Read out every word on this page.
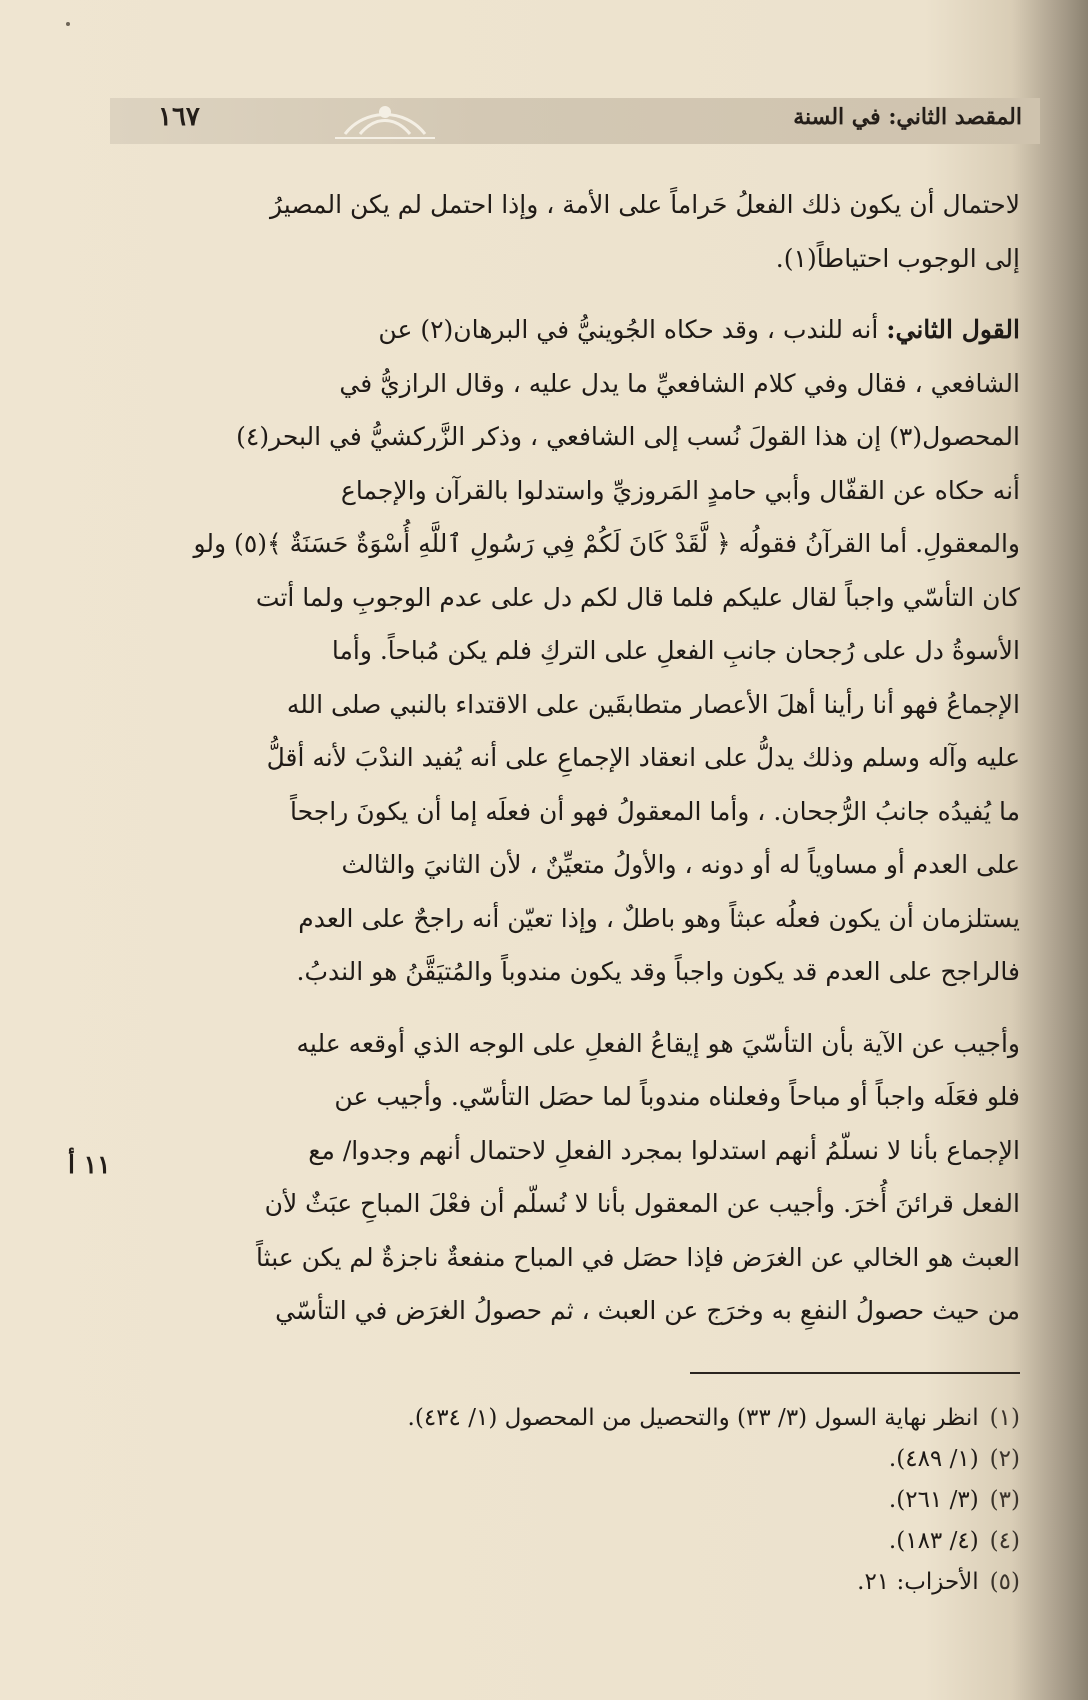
المقصد الثاني: في السنة
١٦٧
لاحتمال أن يكون ذلك الفعلُ حَراماً على الأمة ، وإذا احتمل لم يكن المصيرُ
إلى الوجوب احتياطاً(١).
القول الثاني: أنه للندب ، وقد حكاه الجُوينيُّ في البرهان(٢) عن
الشافعي ، فقال وفي كلام الشافعيِّ ما يدل عليه ، وقال الرازيُّ في
المحصول(٣) إن هذا القولَ نُسب إلى الشافعي ، وذكر الزَّركشيُّ في البحر(٤)
أنه حكاه عن القفّال وأبي حامدٍ المَروزيِّ واستدلوا بالقرآن والإجماع
والمعقولِ. أما القرآنُ فقولُه ﴿ لَّقَدْ كَانَ لَكُمْ فِي رَسُولِ ٱللَّهِ أُسْوَةٌ حَسَنَةٌ ﴾(٥) ولو
كان التأسّي واجباً لقال عليكم فلما قال لكم دل على عدم الوجوبِ ولما أتت
الأسوةُ دل على رُجحان جانبِ الفعلِ على التركِ فلم يكن مُباحاً. وأما
الإجماعُ فهو أنا رأينا أهلَ الأعصار متطابقَين على الاقتداء بالنبي صلى الله
عليه وآله وسلم وذلك يدلُّ على انعقاد الإجماعِ على أنه يُفيد الندْبَ لأنه أقلُّ
ما يُفيدُه جانبُ الرُّجحان. ، وأما المعقولُ فهو أن فعلَه إما أن يكونَ راجحاً
على العدم أو مساوياً له أو دونه ، والأولُ متعيِّنٌ ، لأن الثانيَ والثالث
يستلزمان أن يكون فعلُه عبثاً وهو باطلٌ ، وإذا تعيّن أنه راجحٌ على العدم
فالراجح على العدم قد يكون واجباً وقد يكون مندوباً والمُتيَقَّنُ هو الندبُ.
وأجيب عن الآية بأن التأسّيَ هو إيقاعُ الفعلِ على الوجه الذي أوقعه عليه
فلو فعَلَه واجباً أو مباحاً وفعلناه مندوباً لما حصَل التأسّي. وأجيب عن
الإجماع بأنا لا نسلّمُ أنهم استدلوا بمجرد الفعلِ لاحتمال أنهم وجدوا/ مع
الفعل قرائنَ أُخرَ. وأجيب عن المعقول بأنا لا نُسلّم أن فعْلَ المباحِ عبَثٌ لأن
العبث هو الخالي عن الغرَض فإذا حصَل في المباح منفعةٌ ناجزةٌ لم يكن عبثاً
من حيث حصولُ النفعِ به وخرَج عن العبث ، ثم حصولُ الغرَض في التأسّي
١١ أ
(١) انظر نهاية السول (٣/ ٣٣) والتحصيل من المحصول (١/ ٤٣٤).
(٢) (١/ ٤٨٩).
(٣) (٣/ ٢٦١).
(٤) (٤/ ١٨٣).
(٥) الأحزاب: ٢١.
